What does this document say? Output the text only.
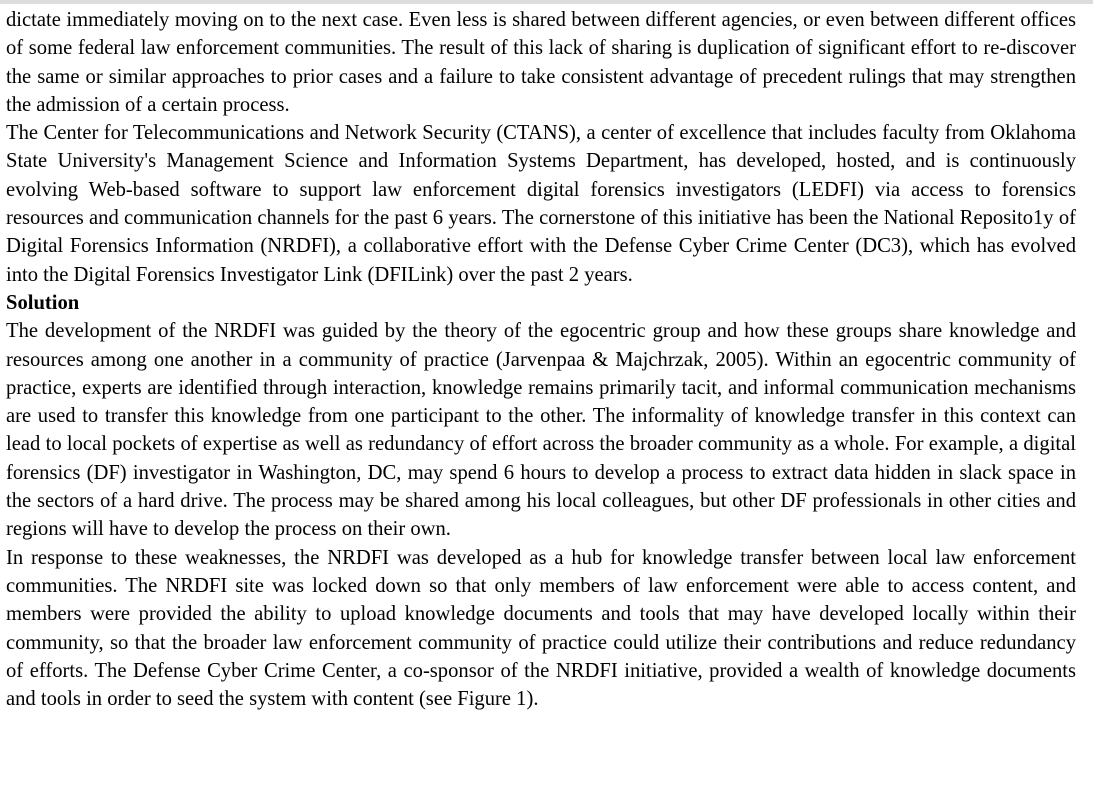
dictate immediately moving on to the next case. Even less is shared between different agencies, or even between different offices of some federal law enforcement communities. The result of this lack of sharing is duplication of significant effort to re-discover the same or similar approaches to prior cases and a failure to take consistent advantage of precedent rulings that may strengthen the admission of a certain process.

The Center for Telecommunications and Network Security (CTANS), a center of excellence that includes faculty from Oklahoma State University's Management Science and Information Systems Department, has developed, hosted, and is continuously evolving Web-based software to support law enforcement digital forensics investigators (LEDFI) via access to forensics resources and communication channels for the past 6 years. The cornerstone of this initiative has been the National Reposito1y of Digital Forensics Information (NRDFI), a collaborative effort with the Defense Cyber Crime Center (DC3), which has evolved into the Digital Forensics Investigator Link (DFILink) over the past 2 years.

Solution

The development of the NRDFI was guided by the theory of the egocentric group and how these groups share knowledge and resources among one another in a community of practice (Jarvenpaa & Majchrzak, 2005). Within an egocentric community of practice, experts are identified through interaction, knowledge remains primarily tacit, and informal communication mechanisms are used to transfer this knowledge from one participant to the other. The informality of knowledge transfer in this context can lead to local pockets of expertise as well as redundancy of effort across the broader community as a whole. For example, a digital forensics (DF) investigator in Washington, DC, may spend 6 hours to develop a process to extract data hidden in slack space in the sectors of a hard drive. The process may be shared among his local colleagues, but other DF professionals in other cities and regions will have to develop the process on their own.

In response to these weaknesses, the NRDFI was developed as a hub for knowledge transfer between local law enforcement communities. The NRDFI site was locked down so that only members of law enforcement were able to access content, and members were provided the ability to upload knowledge documents and tools that may have developed locally within their community, so that the broader law enforcement community of practice could utilize their contributions and reduce redundancy of efforts. The Defense Cyber Crime Center, a co-sponsor of the NRDFI initiative, provided a wealth of knowledge documents and tools in order to seed the system with content (see Figure 1).
